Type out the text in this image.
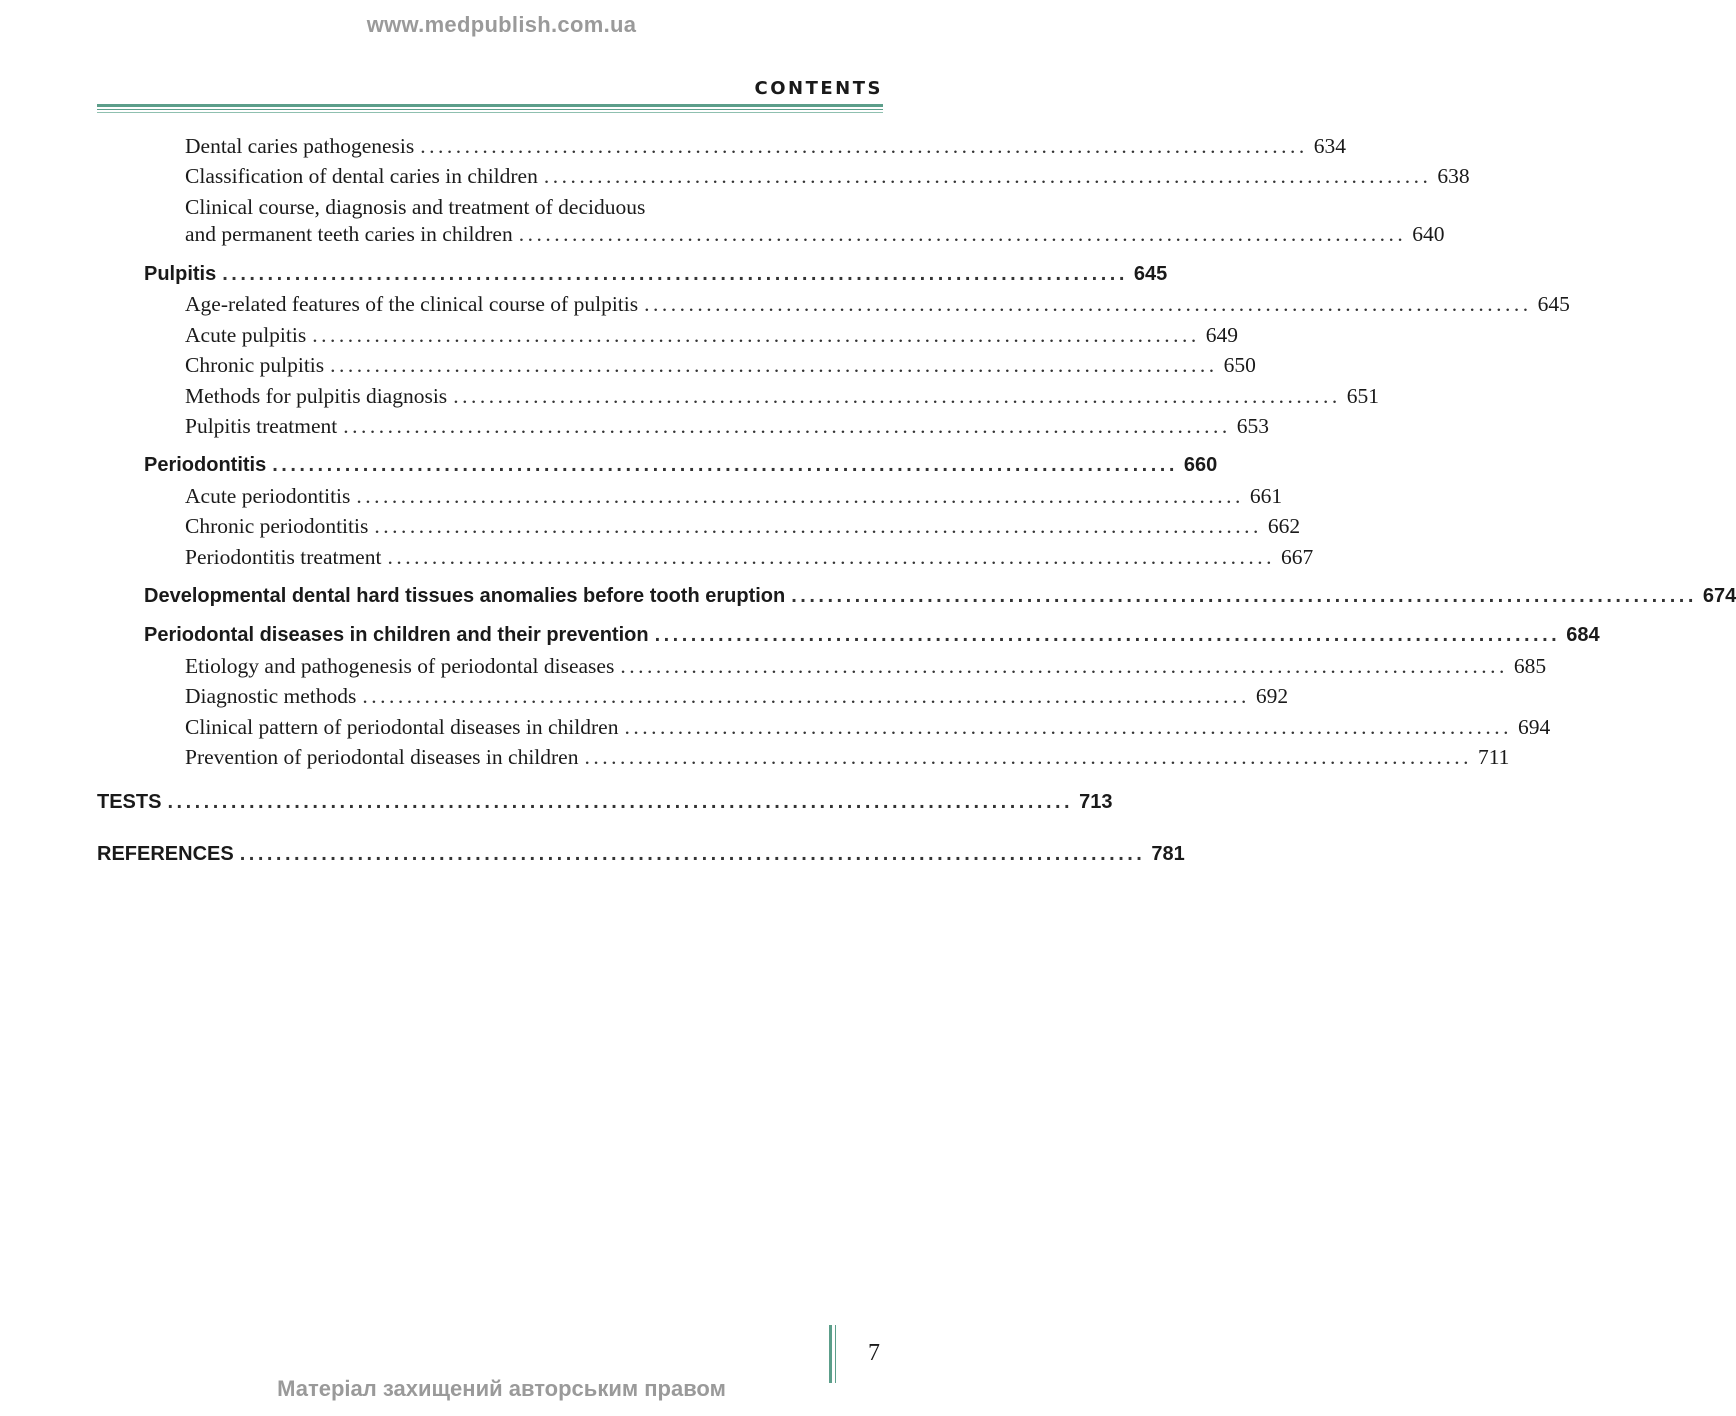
www.medpublish.com.ua
CONTENTS
Dental caries pathogenesis .................................................................................................... 634
Classification of dental caries in children .................................................................................................... 638
Clinical course, diagnosis and treatment of deciduous
and permanent teeth caries in children .................................................................................................... 640
Pulpitis .................................................................................................... 645
Age-related features of the clinical course of pulpitis .................................................................................................... 645
Acute pulpitis .................................................................................................... 649
Chronic pulpitis .................................................................................................... 650
Methods for pulpitis diagnosis .................................................................................................... 651
Pulpitis treatment .................................................................................................... 653
Periodontitis .................................................................................................... 660
Acute periodontitis .................................................................................................... 661
Chronic periodontitis .................................................................................................... 662
Periodontitis treatment .................................................................................................... 667
Developmental dental hard tissues anomalies before tooth eruption .................................................................................................... 674
Periodontal diseases in children and their prevention .................................................................................................... 684
Etiology and pathogenesis of periodontal diseases .................................................................................................... 685
Diagnostic methods .................................................................................................... 692
Clinical pattern of periodontal diseases in children .................................................................................................... 694
Prevention of periodontal diseases in children .................................................................................................... 711
TESTS .................................................................................................... 713
REFERENCES .................................................................................................... 781
7
Матеріал захищений авторським правом
